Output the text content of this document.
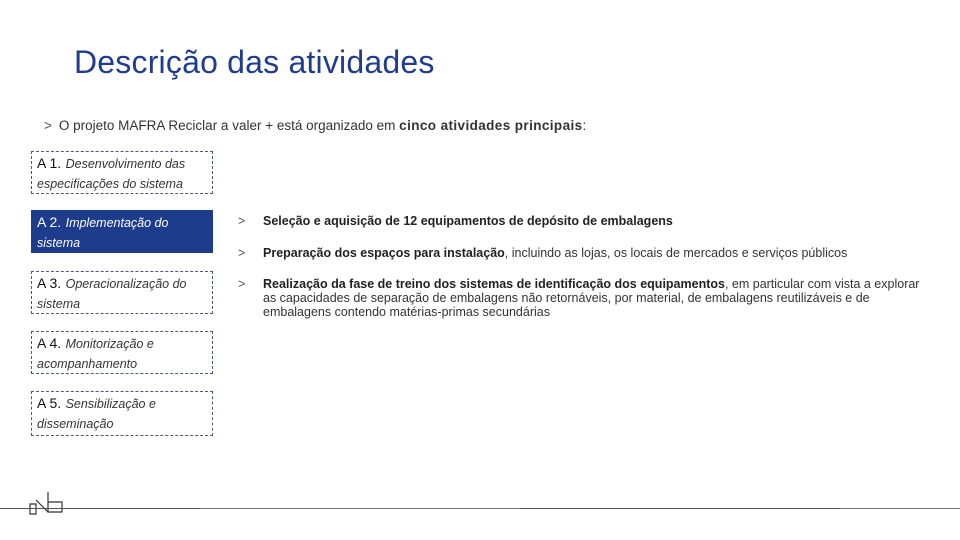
Descrição das atividades
> O projeto MAFRA Reciclar a valer + está organizado em cinco atividades principais:
A 1. Desenvolvimento das
especificações do sistema
A 2. Implementação do
sistema
A 3. Operacionalização do
sistema
A 4. Monitorização e
acompanhamento
A 5. Sensibilização e
disseminação
> Seleção e aquisição de 12 equipamentos de depósito de embalagens
> Preparação dos espaços para instalação, incluindo as lojas, os locais de mercados e serviços públicos
> Realização da fase de treino dos sistemas de identificação dos equipamentos, em particular com vista a explorar as capacidades de separação de embalagens não retornáveis, por material, de embalagens reutilizáveis e de embalagens contendo matérias-primas secundárias
